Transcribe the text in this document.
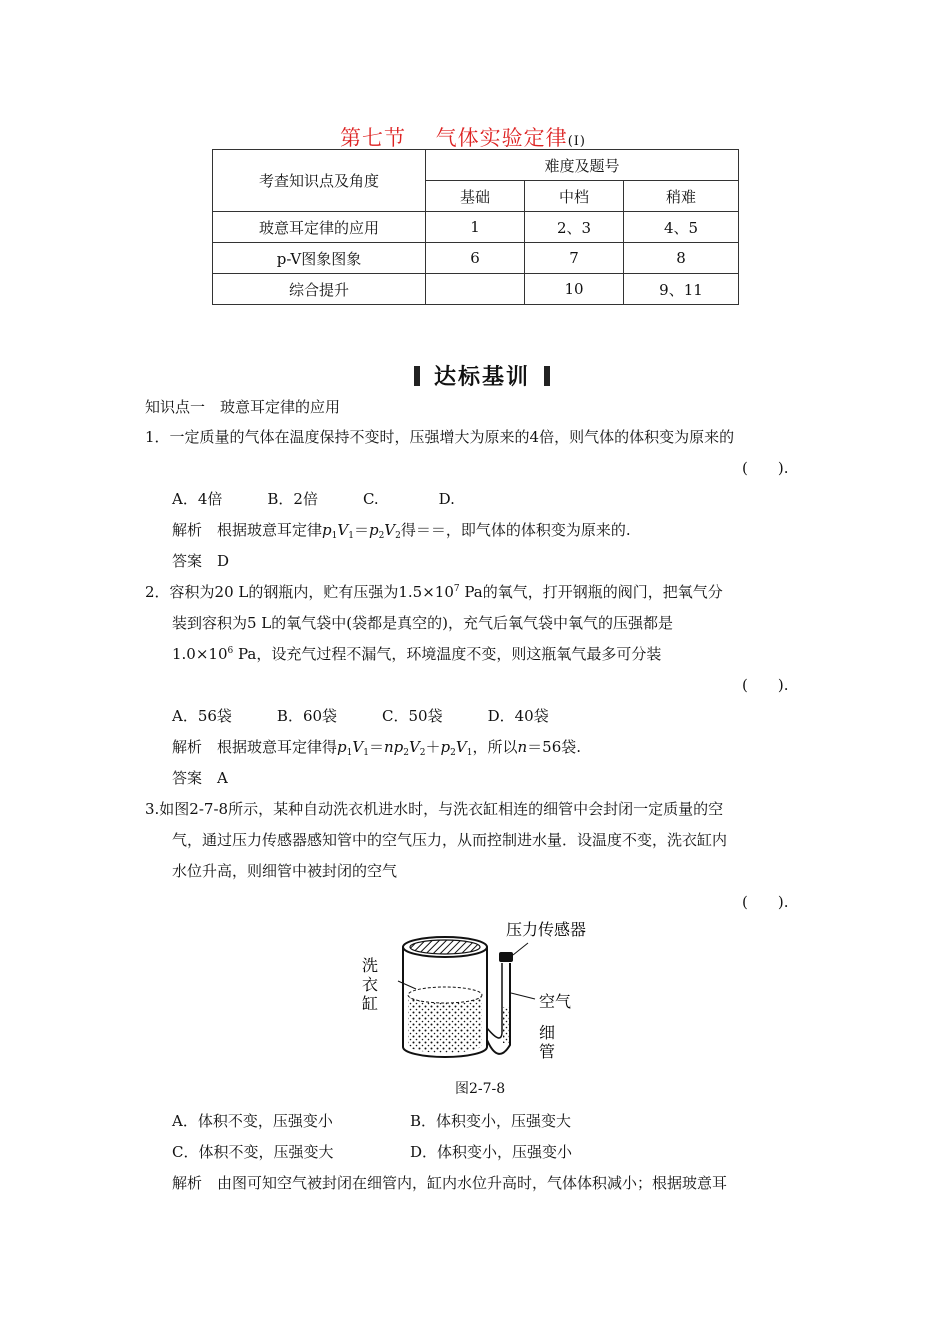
第七节　 气体实验定律(Ⅰ)
考查知识点及角度	难度及题号		
	基础	中档	稍难
玻意耳定律的应用	1	2、3	4、5
p-V图象图象	6	7	8
综合提升		10	9、11
达标基训
知识点一　玻意耳定律的应用
1．一定质量的气体在温度保持不变时，压强增大为原来的4倍，则气体的体积变为原来的
(　　).
A．4倍　　　B．2倍　　　C.　　　　D.
解析　根据玻意耳定律$p_1V_1=p_2V_2$得＝＝，即气体的体积变为原来的.
答案　D
2．容积为20 L的钢瓶内，贮有压强为$1.5\times 10^7$ Pa的氧气，打开钢瓶的阀门，把氧气分
装到容积为5 L的氧气袋中(袋都是真空的)，充气后氧气袋中氧气的压强都是
$1.0\times 10^6$ Pa，设充气过程不漏气，环境温度不变，则这瓶氧气最多可分装
(　　).
A．56袋　　　B．60袋　　　C．50袋　　　D．40袋
解析　根据玻意耳定律得$p_1V_1=np_2V_2+p_2V_1$，所以n＝56袋.
答案　A
3.如图2-7-8所示，某种自动洗衣机进水时，与洗衣缸相连的细管中会封闭一定质量的空
气，通过压力传感器感知管中的空气压力，从而控制进水量．设温度不变，洗衣缸内
水位升高，则细管中被封闭的空气
(　　).
压力传感器
洗
衣
缸	空气
细
管
图2-7-8
A．体积不变，压强变小	B．体积变小，压强变大
C．体积不变，压强变大	D．体积变小，压强变小
解析　由图可知空气被封闭在细管内，缸内水位升高时，气体体积减小；根据玻意耳
